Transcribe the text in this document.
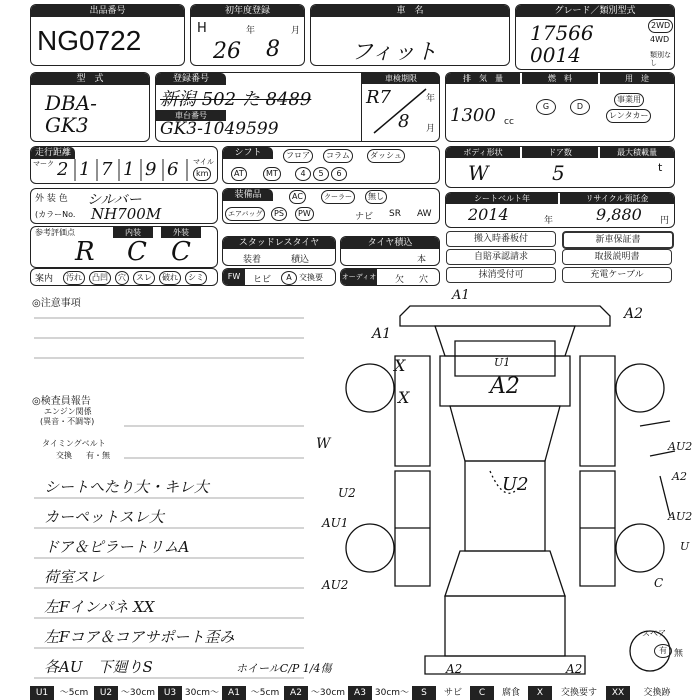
出品番号
NG0722
初年度登録
H	年	月
26 8
車　名
フィット
グレード／類別型式
17566
0014
2WD
4WD
類別なし
型　式
DBA-
GK3
登録番号
新潟 502 た 8489
車検期限
R7	年
8 月
車台番号
GK3-1049599
排　気　量	燃　料	用　途
1300 cc
G	D
事業用
レンタカー
走行距離
マーク 2 1 7 1 9 6 マイル
km
シフト	フロア	コラム	ダッシュ
AT	MT	4	5	6
ボディ形状	ドア数	最大積載量
W	5	t
外 装 色 シルバー
(カラーNo. NH700M
装備品	AC	クーラー	無し
エアバッグ	PS	PW	ナビ SR AW
シートベルト年	リサイクル預託金
2014	年	9,880 円
参考評価点	内装	外装
R C C	スタッドレスタイヤ
装着	積込
タイヤ積込
本
搬入時番板付	新車保証書
自賠承認請求	取扱説明書
抹消受付可	充電ケーブル
案内	汚れ	凸凹	穴	スレ	破れ	シミ	FW	ヒビ	A 交換要	オーディオ 欠 穴
◎注意事項
◎検査員報告
エンジン関係
(異音・不調等)
タイミングベルト
交換 有・無
シートへたり大・キレ大
カーペットスレ大
ドア＆ピラートリムA
荷室スレ
左Fインパネ XX
左Fコア＆コアサポート歪み
各AU　下廻りS	ホイールC/P 1/4傷
A1
A2
A1
X
X
U1
A2
W
U2
U2
AU1
AU2
AU2
AU2
A2
U
C
A2	A2
スペア
有 無
U1	～5cm	U2 ～30cm U3 30cm～ A1	～5cm	A2 ～30cm A3 30cm～	S	サビ	C	腐食	X	交換要す	XX	交換跡
